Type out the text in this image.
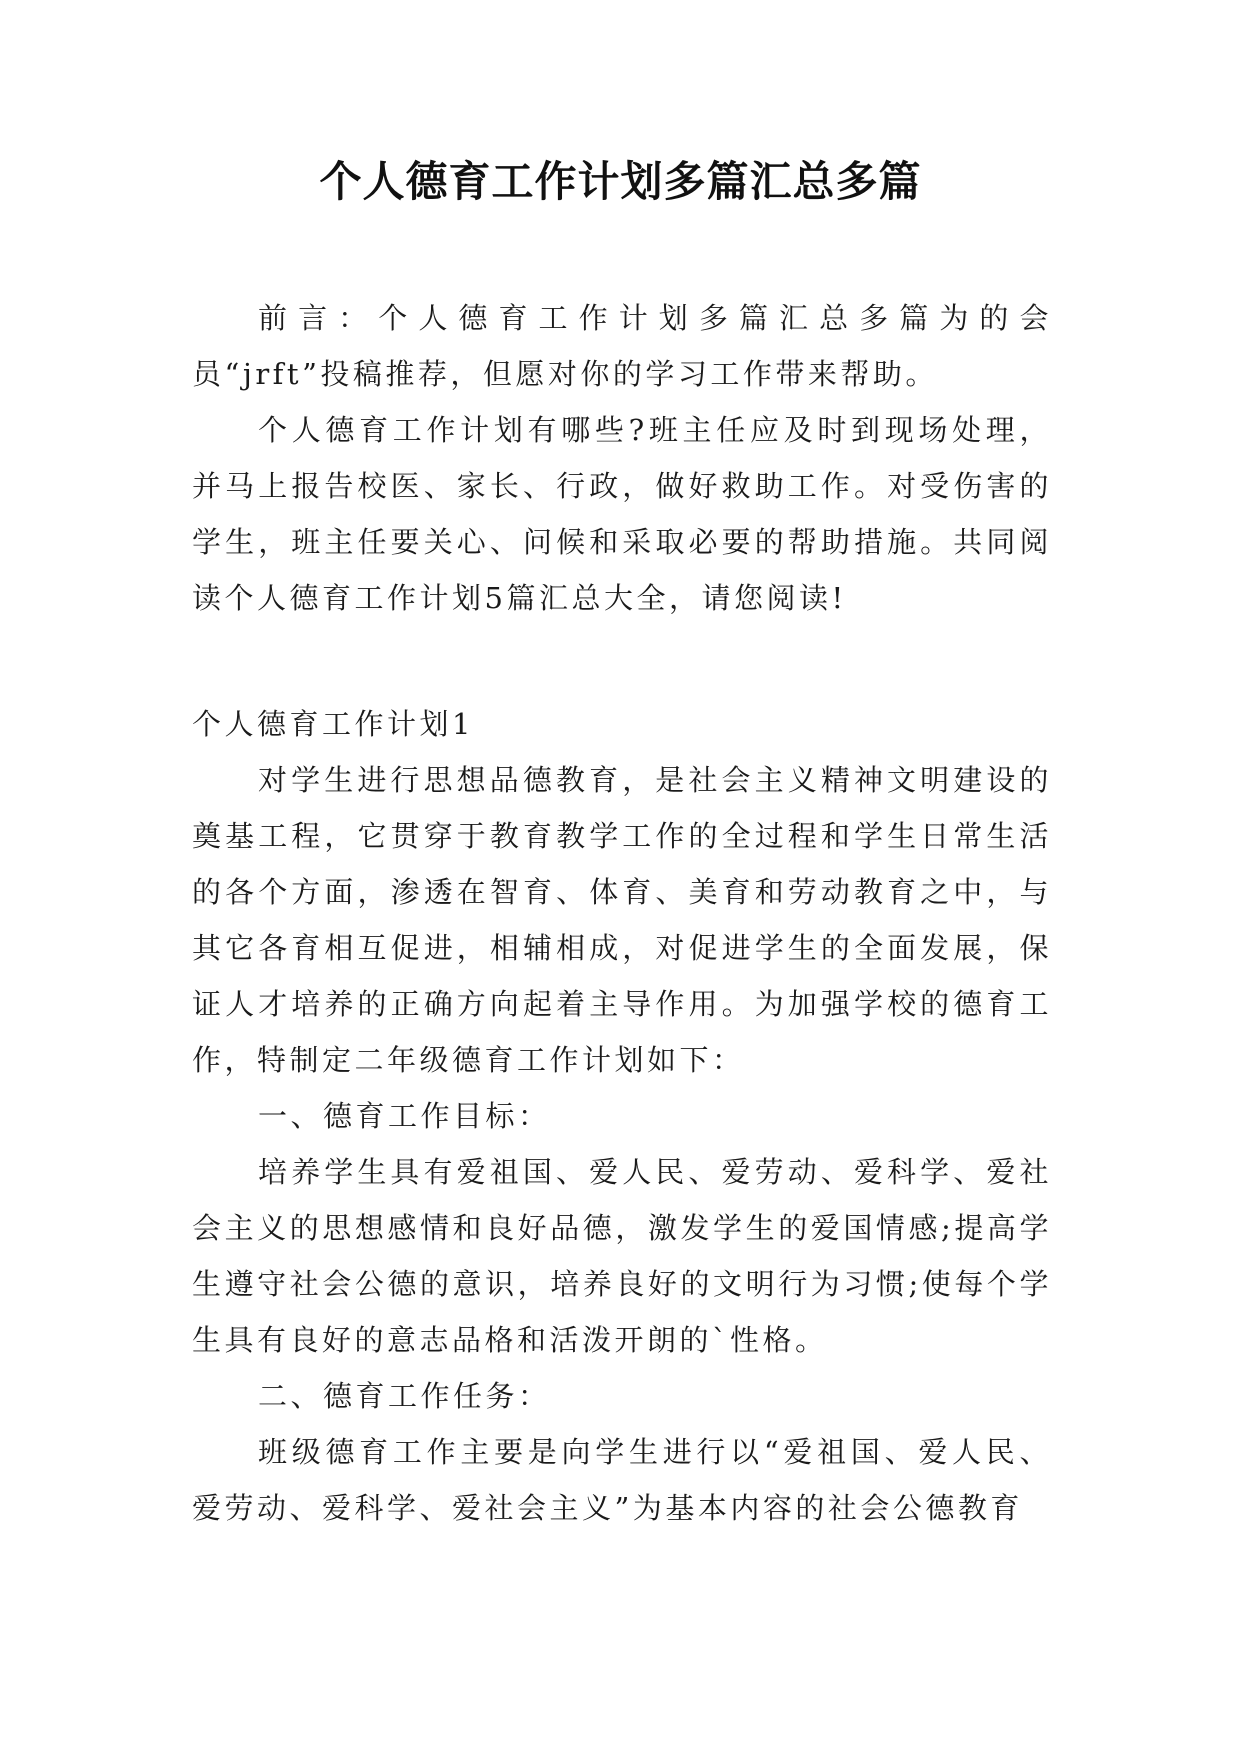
个人德育工作计划多篇汇总多篇

前言：个人德育工作计划多篇汇总多篇为的会员“jrft”投稿推荐，但愿对你的学习工作带来帮助。

个人德育工作计划有哪些?班主任应及时到现场处理，并马上报告校医、家长、行政，做好救助工作。对受伤害的学生，班主任要关心、问候和采取必要的帮助措施。共同阅读个人德育工作计划5篇汇总大全，请您阅读!

个人德育工作计划1

对学生进行思想品德教育，是社会主义精神文明建设的奠基工程，它贯穿于教育教学工作的全过程和学生日常生活的各个方面，渗透在智育、体育、美育和劳动教育之中，与其它各育相互促进，相辅相成，对促进学生的全面发展，保证人才培养的正确方向起着主导作用。为加强学校的德育工作，特制定二年级德育工作计划如下：

一、德育工作目标：

培养学生具有爱祖国、爱人民、爱劳动、爱科学、爱社会主义的思想感情和良好品德，激发学生的爱国情感;提高学生遵守社会公德的意识，培养良好的文明行为习惯;使每个学生具有良好的意志品格和活泼开朗的`性格。

二、德育工作任务：

班级德育工作主要是向学生进行以“爱祖国、爱人民、爱劳动、爱科学、爱社会主义”为基本内容的社会公德教育
